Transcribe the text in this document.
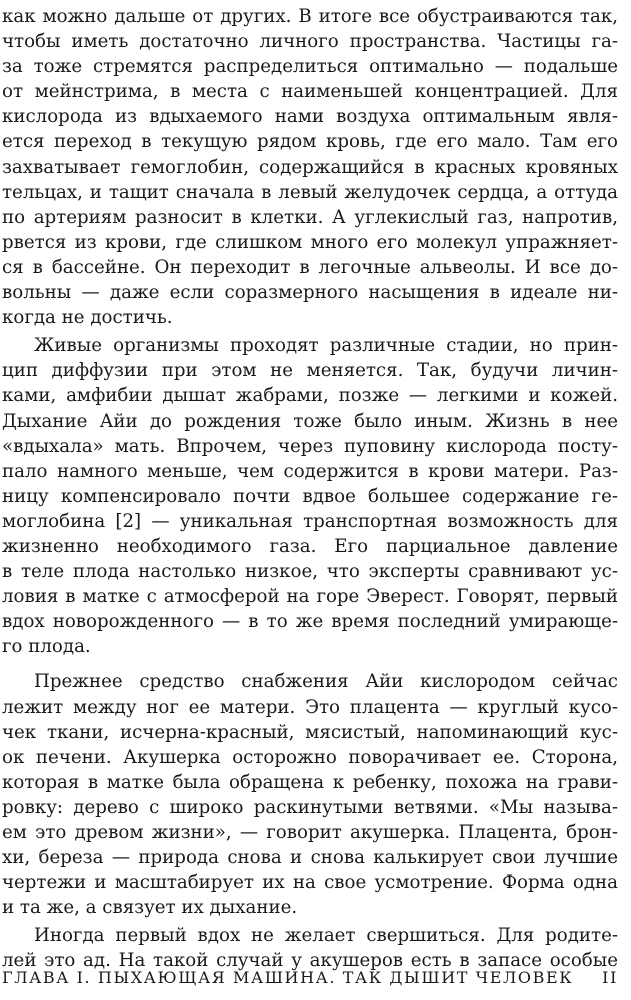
как можно дальше от других. В итоге все обустраиваются так,
чтобы иметь достаточно личного пространства. Частицы га-
за тоже стремятся распределиться оптимально — подальше
от мейнстрима, в места с наименьшей концентрацией. Для
кислорода из вдыхаемого нами воздуха оптимальным явля-
ется переход в текущую рядом кровь, где его мало. Там его
захватывает гемоглобин, содержащийся в красных кровяных
тельцах, и тащит сначала в левый желудочек сердца, а оттуда
по артериям разносит в клетки. А углекислый газ, напротив,
рвется из крови, где слишком много его молекул упражняет-
ся в бассейне. Он переходит в легочные альвеолы. И все до-
вольны — даже если соразмерного насыщения в идеале ни-
когда не достичь.
Живые организмы проходят различные стадии, но прин-
цип диффузии при этом не меняется. Так, будучи личин-
ками, амфибии дышат жабрами, позже — легкими и кожей.
Дыхание Айи до рождения тоже было иным. Жизнь в нее
«вдыхала» мать. Впрочем, через пуповину кислорода посту-
пало намного меньше, чем содержится в крови матери. Раз-
ницу компенсировало почти вдвое большее содержание ге-
моглобина [2] — уникальная транспортная возможность для
жизненно необходимого газа. Его парциальное давление
в теле плода настолько низкое, что эксперты сравнивают ус-
ловия в матке с атмосферой на горе Эверест. Говорят, первый
вдох новорожденного — в то же время последний умирающе-
го плода.
Прежнее средство снабжения Айи кислородом сейчас
лежит между ног ее матери. Это плацента — круглый кусо-
чек ткани, исчерна-красный, мясистый, напоминающий кус-
ок печени. Акушерка осторожно поворачивает ее. Сторона,
которая в матке была обращена к ребенку, похожа на грави-
ровку: дерево с широко раскинутыми ветвями. «Мы называ-
ем это древом жизни», — говорит акушерка. Плацента, брон-
хи, береза — природа снова и снова калькирует свои лучшие
чертежи и масштабирует их на свое усмотрение. Форма одна
и та же, а связует их дыхание.
Иногда первый вдох не желает свершиться. Для родите-
лей это ад. На такой случай у акушеров есть в запасе особые
ГЛАВА I. ПЫХАЮЩАЯ МАШИНА. ТАК ДЫШИТ ЧЕЛОВЕК II
